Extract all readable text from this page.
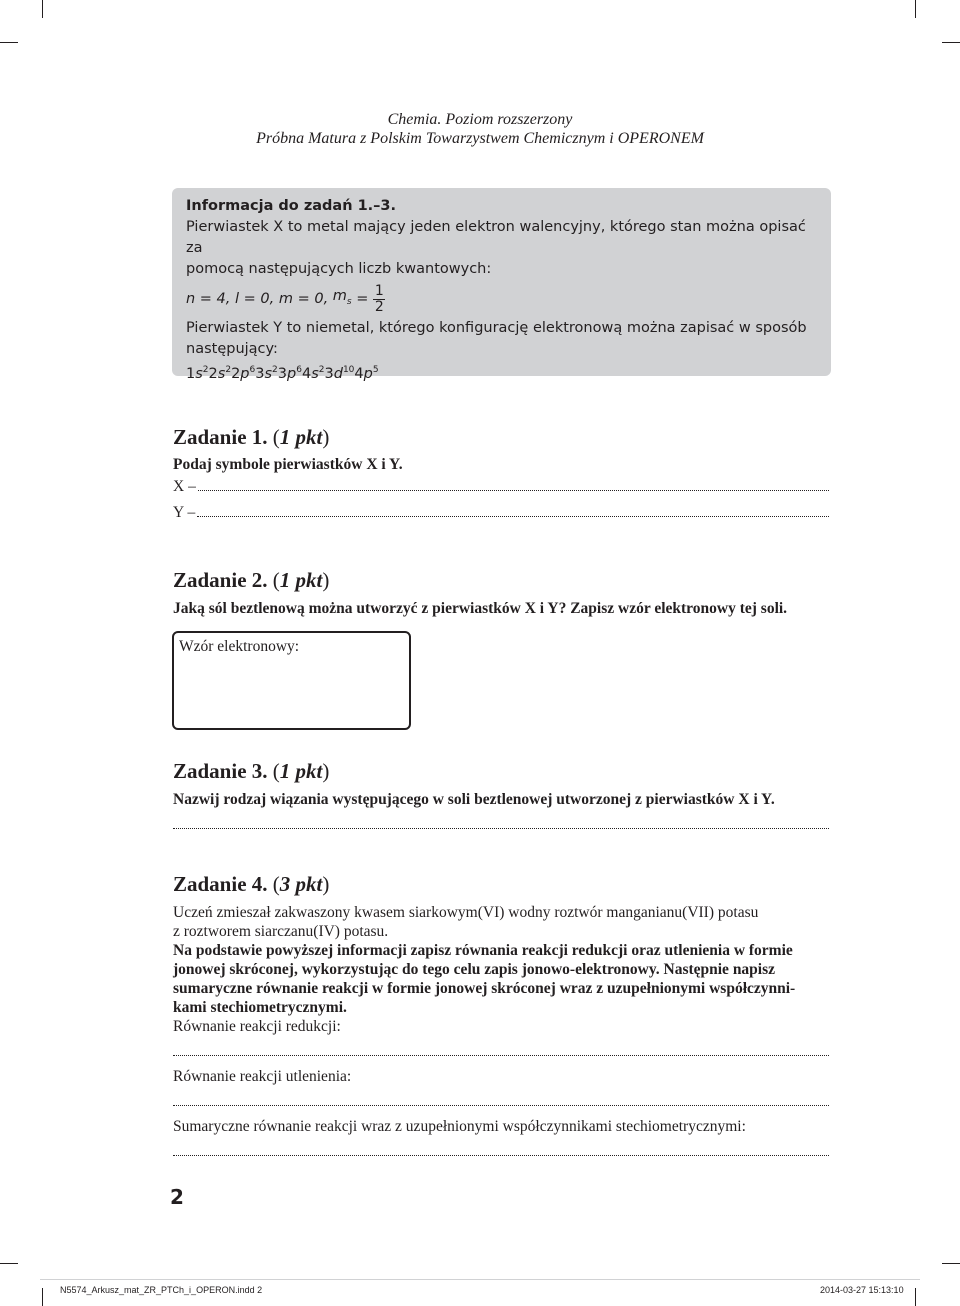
Chemia. Poziom rozszerzony
Próbna Matura z Polskim Towarzystwem Chemicznym i OPERONEM

Informacja do zadań 1.–3.

Pierwiastek X to metal mający jeden elektron walencyjny, którego stan można opisać za
pomocą następujących liczb kwantowych:

n = 4,
l = 0,
m = 0,
$m_s$
= $\frac{1}{2}$

Pierwiastek Y to niemetal, którego konfigurację elektronową można zapisać w sposób
następujący:

$1s^22s^22p^63s^23p^64s^23d^{10}4p^5$

Zadanie 1. (1 pkt)
Podaj symbole pierwiastków X i Y.
X –
Y –
Zadanie 2. (1 pkt)
Jaką sól beztlenową można utworzyć z pierwiastków X i Y? Zapisz wzór elektronowy tej soli.
Wzór elektronowy:
Zadanie 3. (1 pkt)
Nazwij rodzaj wiązania występującego w soli beztlenowej utworzonej z pierwiastków X i Y.
Zadanie 4. (3 pkt)
Uczeń zmieszał zakwaszony kwasem siarkowym(VI) wodny roztwór manganianu(VII) potasu
z roztworem siarczanu(IV) potasu.
Na podstawie powyższej informacji zapisz równania reakcji redukcji oraz utlenienia w formie
jonowej skróconej, wykorzystując do tego celu zapis jonowo-elektronowy. Następnie napisz
sumaryczne równanie reakcji w formie jonowej skróconej wraz z uzupełnionymi współczynni-
kami stechiometrycznymi.
Równanie reakcji redukcji:
Równanie reakcji utlenienia:
Sumaryczne równanie reakcji wraz z uzupełnionymi współczynnikami stechiometrycznymi:
2
N5574_Arkusz_mat_ZR_PTCh_i_OPERON.indd 2	2014-03-27 15:13:10
